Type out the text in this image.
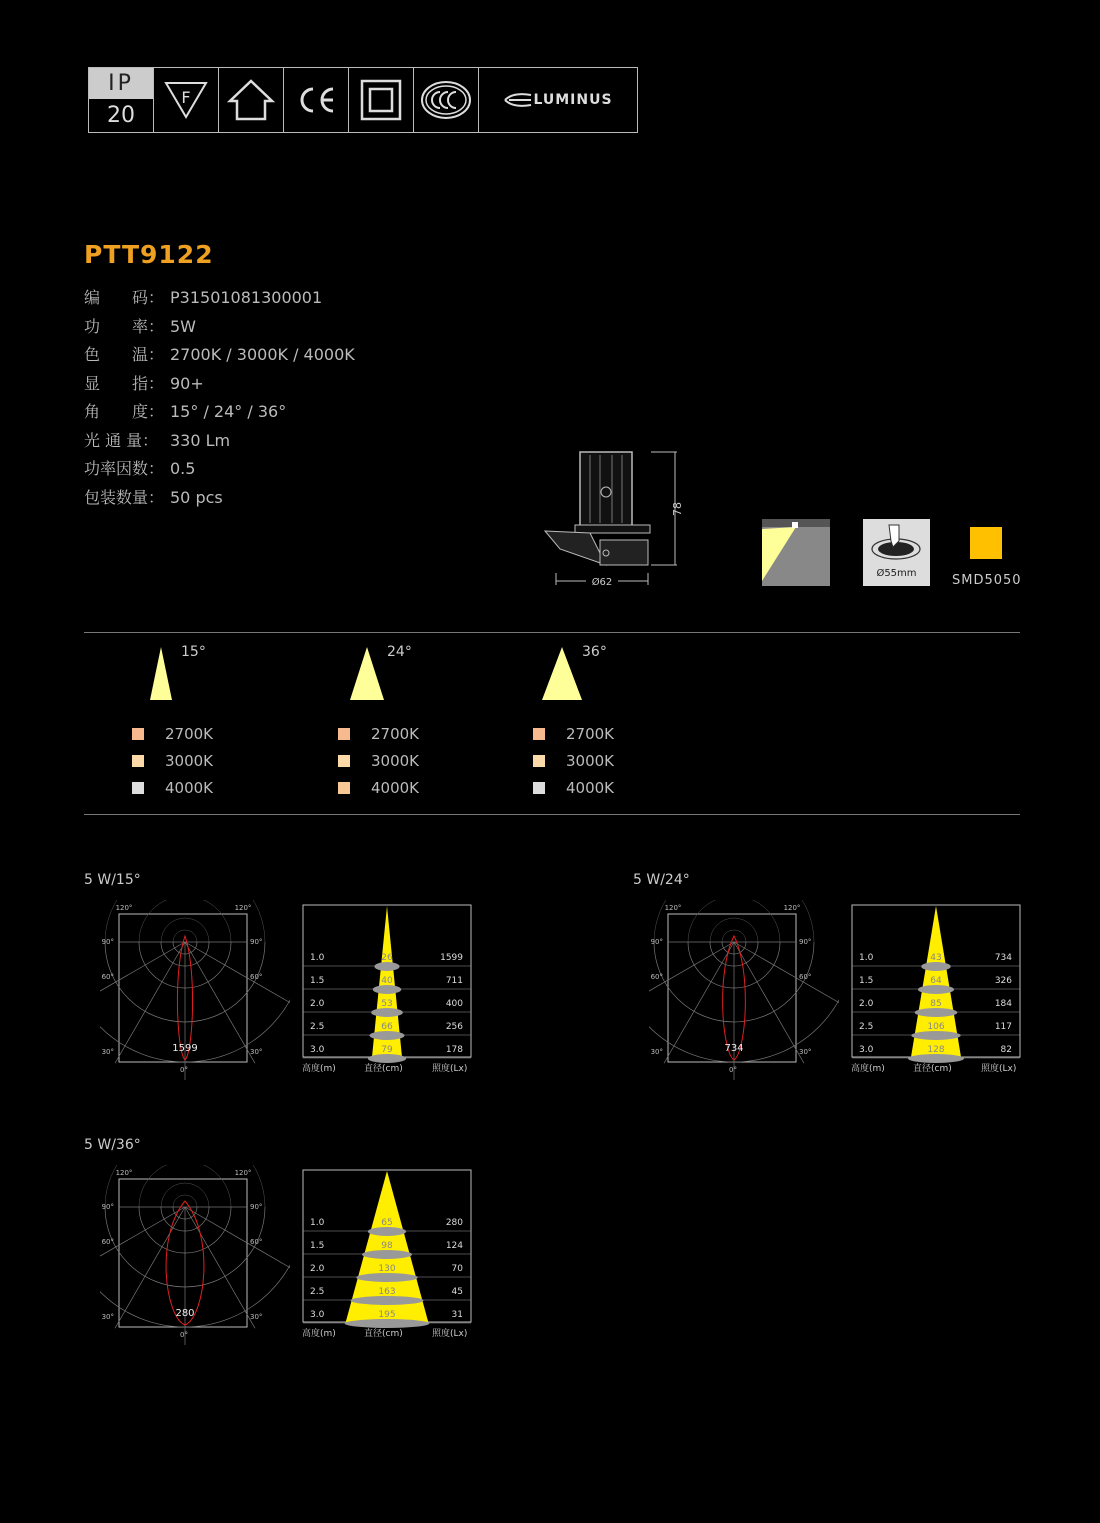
IP
20
F	LUMINUS
PTT9122
编　　码： P31501081300001
功　　率： 5W
色　　温： 2700K / 3000K / 4000K
显　　指： 90+
角　　度： 15° / 24° / 36°
光 通 量： 330 Lm
功率因数： 0.5
包装数量： 50 pcs
78
Ø62
Ø55mm	SMD5050
15°
2700K
3000K
4000K
24°
2700K
3000K
4000K
36°
2700K
3000K
4000K
5 W/15°
1599
120°	120°
90°	90°
60°	60°
30°	30°
0°
1.0	26	1599
1.5	40	711
2.0	53	400
2.5	66	256
3.0	79	178
高度(m)	直径(cm)	照度(Lx)
5 W/24°
734
120°	120°
90°	90°
60°	60°
30°	30°
0°
1.0	43	734
1.5	64	326
2.0	85	184
2.5	106	117
3.0	128	82
高度(m)	直径(cm)	照度(Lx)
5 W/36°
280
120°	120°
90°	90°
60°	60°
30°	30°
0°
1.0	65	280
1.5	98	124
2.0	130	70
2.5	163	45
3.0	195	31
高度(m)	直径(cm)	照度(Lx)
